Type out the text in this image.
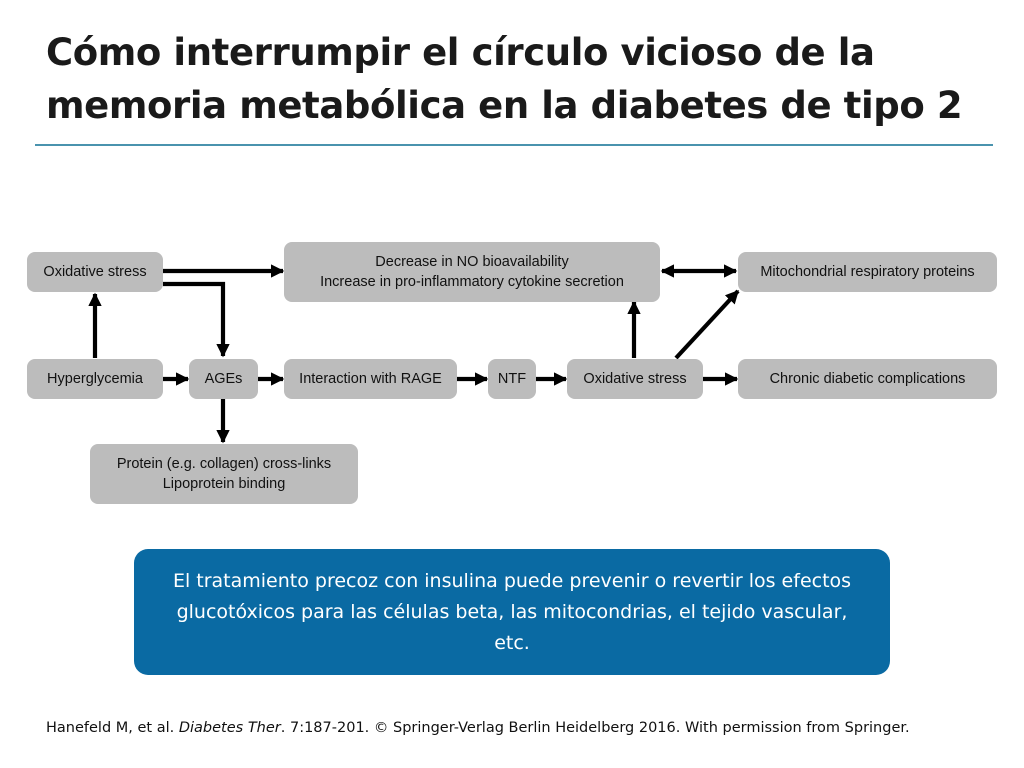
Cómo interrumpir el círculo vicioso de la
memoria metabólica en la diabetes de tipo 2
Oxidative stress
Decrease in NO bioavailability
Increase in pro-inflammatory cytokine secretion
Mitochondrial respiratory proteins
Hyperglycemia	AGEs	Interaction with RAGE	NTF	Oxidative stress	Chronic diabetic complications
Protein (e.g. collagen) cross-links
Lipoprotein binding
El tratamiento precoz con insulina puede prevenir o revertir los efectos glucotóxicos para las células beta, las mitocondrias, el tejido vascular, etc.
Hanefeld M, et al. Diabetes Ther. 7:187-201. © Springer-Verlag Berlin Heidelberg 2016. With permission from Springer.
